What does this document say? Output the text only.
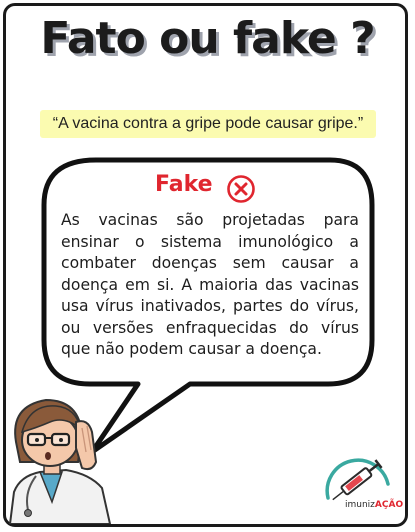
Fato ou fake ?
“A vacina contra a gripe pode causar gripe.”
Fake
As vacinas são projetadas para ensinar o sistema imunológico a combater doenças sem causar a doença em si. A maioria das vacinas usa vírus inativados, partes do vírus, ou versões enfraquecidas do vírus que não podem causar a doença.
imunizAÇÃO
